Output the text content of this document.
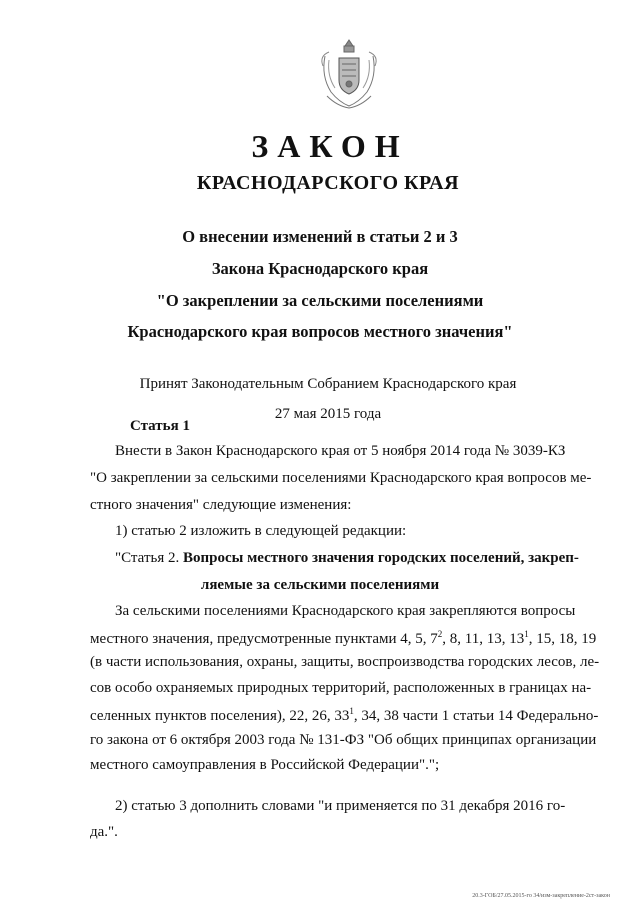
ЗАКОН
КРАСНОДАРСКОГО КРАЯ
О внесении изменений в статьи 2 и 3
Закона Краснодарского края
"О закреплении за сельскими поселениями
Краснодарского края вопросов местного значения"
Принят Законодательным Собранием Краснодарского края
27 мая 2015 года
Статья 1
Внести в Закон Краснодарского края от 5 ноября 2014 года № 3039-КЗ
"О закреплении за сельскими поселениями Краснодарского края вопросов ме-
стного значения" следующие изменения:
1) статью 2 изложить в следующей редакции:
"Статья 2. Вопросы местного значения городских поселений, закреп-
ляемые за сельскими поселениями
За сельскими поселениями Краснодарского края закрепляются вопросы
местного значения, предусмотренные пунктами 4, 5, $7^2$, 8, 11, 13, $13^1$, 15, 18, 19
(в части использования, охраны, защиты, воспроизводства городских лесов, ле-
сов особо охраняемых природных территорий, расположенных в границах на-
селенных пунктов поселения), 22, 26, $33^1$, 34, 38 части 1 статьи 14 Федерально-
го закона от 6 октября 2003 года № 131-ФЗ "Об общих принципах организации
местного самоуправления в Российской Федерации".";
2) статью 3 дополнить словами "и применяется по 31 декабря 2016 го-
да.".
20.3-ГОБ/27.05.2015-го 34/изм-закрепление-2ст-закон
